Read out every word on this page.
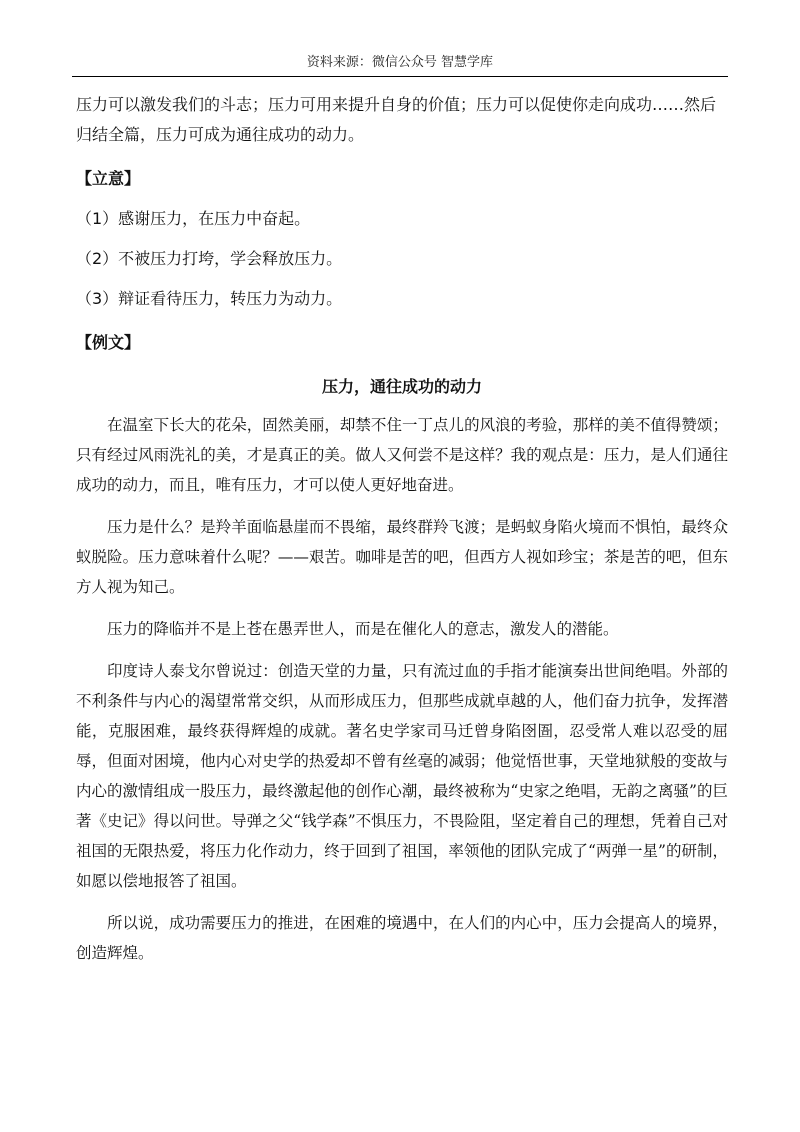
资料来源：微信公众号 智慧学库

压力可以激发我们的斗志；压力可用来提升自身的价值；压力可以促使你走向成功……然后归结全篇，压力可成为通往成功的动力。

【立意】

（1）感谢压力，在压力中奋起。

（2）不被压力打垮，学会释放压力。

（3）辩证看待压力，转压力为动力。

【例文】

压力，通往成功的动力

在温室下长大的花朵，固然美丽，却禁不住一丁点儿的风浪的考验，那样的美不值得赞颂；只有经过风雨洗礼的美，才是真正的美。做人又何尝不是这样？我的观点是：压力，是人们通往成功的动力，而且，唯有压力，才可以使人更好地奋进。

压力是什么？是羚羊面临悬崖而不畏缩，最终群羚飞渡；是蚂蚁身陷火境而不惧怕，最终众蚁脱险。压力意味着什么呢？——艰苦。咖啡是苦的吧，但西方人视如珍宝；茶是苦的吧，但东方人视为知己。

压力的降临并不是上苍在愚弄世人，而是在催化人的意志，激发人的潜能。

印度诗人泰戈尔曾说过：创造天堂的力量，只有流过血的手指才能演奏出世间绝唱。外部的不利条件与内心的渴望常常交织，从而形成压力，但那些成就卓越的人，他们奋力抗争，发挥潜能，克服困难，最终获得辉煌的成就。著名史学家司马迁曾身陷囹圄，忍受常人难以忍受的屈辱，但面对困境，他内心对史学的热爱却不曾有丝毫的减弱；他觉悟世事，天堂地狱般的变故与内心的激情组成一股压力，最终激起他的创作心潮，最终被称为“史家之绝唱，无韵之离骚”的巨著《史记》得以问世。导弹之父“钱学森”不惧压力，不畏险阻，坚定着自己的理想，凭着自己对祖国的无限热爱，将压力化作动力，终于回到了祖国，率领他的团队完成了“两弹一星”的研制，如愿以偿地报答了祖国。

所以说，成功需要压力的推进，在困难的境遇中，在人们的内心中，压力会提高人的境界，创造辉煌。
